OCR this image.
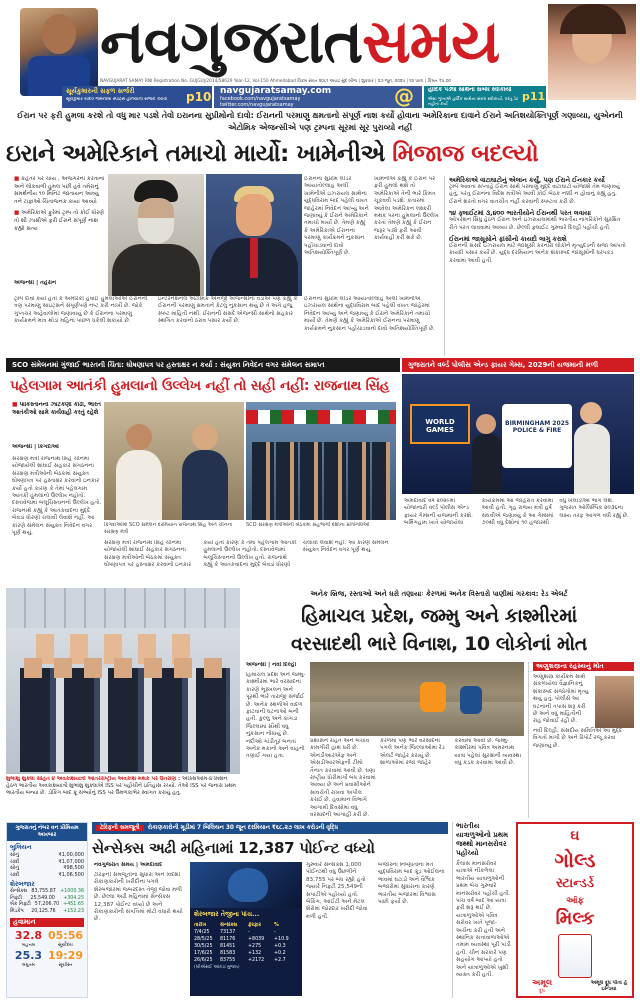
નવગુજરાતસમય
NAVGUJARAT SAMAY RNI Registration No. GUJGUJ/2014/58629 Year-12, Vol-150 Ahmedabad વિક્રમ સંવત ૨૦૮૧ અષાઢ સુદ બીજ | શુક્રવાર | ૨૭ જૂન, ૨૦૨૫ | ૧૨ પાના | કિંમત ₹૫.૦૦
સૂર્યકુમારની સફળ સર્જરી
સૂર્યકુમાર યાદવે જર્મનીમાં સ્પોર્ટ્સ હર્નિયાની સર્જરી કરાવી	p10 navgujaratsamay.com
facebook.com/navgujaratsamay
twitter.com/navgujaratsamay	@ હાર્દિક પંડ્યા સાથેના સંબંધ સ્વીકાર્યા
એશા ગુપ્તાએ હાર્દિક સાથેના સંબંધ સ્વીકાર્યા, પરંતુ ડેટ નહોતા કર્યા
p11
ઈરાન પર ફરી હુમલા કરશે તો વધુ માર પડશે તેવો ઇરાનના સુપ્રીમોનો દાવો: ઈરાનની પરમાણુ ક્ષમતાનો સંપૂર્ણ નાશ કર્યો હોવાના અમેરિકાના દાવાને ઈરાને અતિશયોક્તિપૂર્ણ ગણાવ્યા, યુએનની એટોમિક એજન્સીએ પણ ટ્રમ્પના સૂરમાં સૂર પુરાવ્યો નહીં
ઇરાને અમેરિકાને તમાચો માર્યો: ખામેનીએ મિજાજ બદલ્યો
■ કહેતર પર ચાય , અજગરનાં કરતાંના અને લોકવાળી હુમલ પછી હવે તમેરાનું સમર્થનીય ૧૦ મિનિટ જાતાયન આવ્યું તને ટાફાઓ ચિંતાજનક કાયા આવ્યો
■ અમેરિકાએ ફુરેમાં ટ્રમ્પ તો કોઈ ધોરણે તો શી ઝાક્ષીએ ફરી ઈરાને સંપૂર્ણ નાશ કહ્યો સત્ય
એજન્સી | તહેરાન
ઈરાનના સુપ્રીમ લીડર આયાતોલ્લાહ અલી ખામેનીએ ઇઝરાયલ સાથેના યુદ્ધવિરામ બાદ પહેલી વખત જાહેરમાં નિવેદન આપ્યું અને જણાવ્યું કે ઈરાને અમેરિકાને તમાચો માર્યો છે. તેમણે કહ્યું કે અમેરિકાએ ઈરાનના પરમાણુ કાર્યક્રમને નુકસાન પહોંચાડવાનો દાવો અતિશયોક્તિપૂર્ણ છે.
ખામેનીએ કહ્યું કે ઈરાન પર ફરી હુમલો થશે તો અમેરિકાએ તેની ભારે કિંમત ચૂકવવી પડશે. કતારમાં આવેલા અમેરિકન લશ્કરી મથક પરના હુમલાનો ઉલ્લેખ કરતાં તેમણે કહ્યું કે ઈરાન જરૂર પડ્યે ફરી આવી કાર્યવાહી કરી શકે છે.
ટ્રમ્પે દાવો કર્યો હતો કે અમેરિકી હવાઈ હુમલાઓએ ઈરાનની ત્રણ પરમાણુ સાઇટ્સને સંપૂર્ણપણે નષ્ટ કરી નાખી છે. જોકે ગુપ્તચર અહેવાલોમાં જણાવાયું છે કે ઈરાનના પરમાણુ કાર્યક્રમને માત્ર થોડા મહિના પાછળ ધકેલી શકાયો છે.
ઇન્ટરનેશનલ એટોમિક એનર્જી એજન્સીના વડાએ પણ કહ્યું કે ઈરાનની પરમાણુ ક્ષમતાને કેટલું નુકસાન થયું છે તે અંગે હજુ સ્પષ્ટ માહિતી નથી. ઈરાનની સંસદે એજન્સી સાથેનો સહકાર સ્થગિત કરવાનો ઠરાવ પસાર કર્યો છે.
ઈરાનના સુપ્રીમ લીડર આયાતોલ્લાહ અલી ખામેનીએ ઇઝરાયલ સાથેના યુદ્ધવિરામ બાદ પહેલી વખત જાહેરમાં નિવેદન આપ્યું અને જણાવ્યું કે ઈરાને અમેરિકાને તમાચો માર્યો છે. તેમણે કહ્યું કે અમેરિકાએ ઈરાનના પરમાણુ કાર્યક્રમને નુકસાન પહોંચાડવાનો દાવો અતિશયોક્તિપૂર્ણ છે.
અમેરિકાએ વાટાઘાટોનું એલાન કર્યું, પણ ઈરાને ઈનકાર કર્યો
ટ્રમ્પે આવતા સપ્તાહે ઈરાન સાથે પરમાણુ મુદ્દે વાટાઘાટો યોજાશે તેમ જણાવ્યું હતું, પરંતુ ઈરાનના વિદેશ મંત્રીએ આવી કોઈ બેઠક નક્કી ન હોવાનું કહ્યું હતું. ઈરાને શરતો વગર વાતચીત નહીં કરવાની સ્પષ્ટતા કરી છે.
૧૪ ફ્લાઈટમાં ૩,૪૦૦ ભારતીયોને ઈરાનથી પરત લવાયા
ઓપરેશન સિંધુ હેઠળ ઈરાન અને ઇઝરાયલમાંથી ભારતીય નાગરિકોને સુરક્ષિત રીતે પરત લાવવામાં આવ્યા છે. છેલ્લી ફ્લાઈટ ગુરુવારે દિલ્હી પહોંચી હતી.
ઈરાનમાં જાસૂસોને ફાંસીનો કાયદો લાગુ કરાશે
ઈરાનની સંસદે ઇઝરાયલ માટે જાસૂસી કરનારા લોકોને મૃત્યુદંડની સજા આપતો કાયદો પસાર કર્યો છે. યુદ્ધ દરમિયાન અનેક શંકાસ્પદ જાસૂસોની ધરપકડ કરવામાં આવી હતી.
SCO સંમેલનમાં ગુંજાઈ ભારતની ચિંતા: ઘોષણાપત્ર પર હસ્તાક્ષર ન કર્યા : સંયુક્ત નિવેદન વગર સંમેલન સમાપ્ત	ગુજરાતને વર્લ્ડ પોલીસ એન્ડ ફાયર ગેમ્સ, 2029ની યજમાની મળી
પહેલગામ આતંકી હુમલાનો ઉલ્લેખ નહીં તો સહી નહીં: રાજનાથ સિંહ
■ પાકિસ્તાનની ઝાટકણી કાઢી, ભારત આતંકીઓ સામે કાર્યવાહી કરતું રહેશે
એજન્સી | કિંગદાઓ
સંરક્ષણ મંત્રી રાજનાથ સિંહે ચીનમાં યોજાયેલી શાંઘાઈ સહકાર સંગઠનના સંરક્ષણ મંત્રીઓની બેઠકમાં સંયુક્ત ઘોષણાપત્ર પર હસ્તાક્ષર કરવાનો ઇનકાર કર્યો હતો કારણ કે તેમાં પહેલગામ આતંકી હુમલાનો ઉલ્લેખ નહોતો. દસ્તાવેજમાં બલૂચિસ્તાનનો ઉલ્લેખ હતો. રાજનાથે કહ્યું કે આતંકવાદના મુદ્દે બેવડાં ધોરણો ચલાવી લેવાશે નહીં. આ કારણે સંમેલન સંયુક્ત નિવેદન વગર પૂર્ણ થયું.
કિંગદાઓમાં SCO સંમેલન દરમિયાન રાજનાથ સિંહ અને ચીનના સંરક્ષણ મંત્રી
SCO સંરક્ષણ મંત્રીઓની બેઠકમાં સહભાગી દેશોના પ્રતિનિધિઓ
સંરક્ષણ મંત્રી રાજનાથ સિંહે ચીનમાં યોજાયેલી શાંઘાઈ સહકાર સંગઠનના સંરક્ષણ મંત્રીઓની બેઠકમાં સંયુક્ત ઘોષણાપત્ર પર હસ્તાક્ષર કરવાનો ઇનકાર કર્યો હતો કારણ કે તેમાં પહેલગામ આતંકી હુમલાનો ઉલ્લેખ નહોતો. દસ્તાવેજમાં બલૂચિસ્તાનનો ઉલ્લેખ હતો. રાજનાથે કહ્યું કે આતંકવાદના મુદ્દે બેવડાં ધોરણો ચલાવી લેવાશે નહીં. આ કારણે સંમેલન સંયુક્ત નિવેદન વગર પૂર્ણ થયું.
WORLD GAMES
BIRMINGHAM 2025 POLICE & FIRE
અમદાવાદ વર્ષ ૨૦૨૯માં યોજાનારી વર્લ્ડ પોલીસ એન્ડ ફાયર ગેમ્સની યજમાની કરશે. બર્મિંગહામ ખાતે યોજાયેલા કાર્યક્રમમાં આ જાહેરાત કરવામાં આવી હતી. ગૃહ રાજ્ય મંત્રી હર્ષ સંઘવીએ જણાવ્યું કે આ ગેમ્સમાં ૭૦થી વધુ દેશોના ૧૦ હજારથી વધુ ખેલાડીઓ ભાગ લેશે. ગુજરાત ઓલિમ્પિક ૨૦૩૬ના લક્ષ્ય તરફ આગળ વધી રહ્યું છે.
શુભાંશુ શુક્લા સહિત ૪ અવકાશયાત્રી આંતરરાષ્ટ્રીય અવકાશ મથક પર ઉતરાણ : એક્સિઓમ-૪ મિશન હેઠળ ભારતીય અવકાશયાત્રી શુભાંશુ શુક્લાએ ISS પર પહોંચીને ઇતિહાસ રચ્યો. તેઓ ISS પર જનારા પ્રથમ ભારતીય બન્યા છે. ડોકિંગ બાદ ક્રૂ સભ્યોનું ISS પર ઉમળકાભેર સ્વાગત કરાયું હતું.
અનેક બ્રિજ, રસ્તાઓ અને ઘરો તણાયાઃ કેરળમાં અનેક વિસ્તારો પાણીમાં ગરકાવ: રેડ એલર્ટ
હિમાચલ પ્રદેશ, જમ્મુ અને કાશ્મીરમાં
વરસાદથી ભારે વિનાશ, 10 લોકોનાં મોત
એજન્સી | નવી દિલ્હી
હિમાચલ પ્રદેશ અને જમ્મુ-કાશ્મીરમાં ભારે વરસાદના કારણે ભૂસ્ખલન અને પૂરથી ભારે તારાજી સર્જાઈ છે. અનેક સ્થળોએ વાદળ ફાટવાની ઘટનાઓ બની હતી. કુલ્લુ અને કાંગડા જિલ્લામાં સૌથી વધુ નુકસાન નોંધાયું છે. નદીઓ ગાંડીતૂર બનતાં અનેક મકાનો અને વાહનો તણાઈ ગયા હતા.
પ્રશાસને રાહત અને બચાવ કામગીરી હાથ ધરી છે. એનડીઆરએફ અને એસડીઆરએફની ટીમો તૈનાત કરવામાં આવી છે. ઘણા રાષ્ટ્રીય ધોરીમાર્ગો બંધ કરવામાં આવ્યા છે અને પ્રવાસીઓને સાવચેતી રાખવા અપીલ કરાઈ છે. હવામાન વિભાગે આગામી દિવસોમાં વધુ વરસાદની આગાહી કરી છે.
કેરળમાં પણ ભારે વરસાદના પગલે અનેક જિલ્લાઓમાં રેડ એલર્ટ જાહેર કરાયું છે. શાળાઓમાં રજા જાહેર કરવામાં આવી છે. જમ્મુ-કાશ્મીરમાં પવિત્ર અમરનાથ યાત્રા પહેલાં સુરક્ષાની વ્યવસ્થા વધુ કડક કરવામાં આવી છે.
અણુશસ્ત્રના રહસ્યનું મોત
અણુશસ્ત્ર કાર્યક્રમ સાથે સંકળાયેલા વૈજ્ઞાનિકનું શંકાસ્પદ સંજોગોમાં મૃત્યુ થયું હતું. પોલીસે આ ઘટનાની તપાસ શરૂ કરી છે અને વધુ માહિતીની રાહ જોવાઈ રહી છે.
નવી દિલ્હી, સંસદીય સમિતિએ આ મુદ્દે વિગતો માંગી છે અને રિપોર્ટ રજૂ કરવા જણાવ્યું છે.
ગુજરાતનું નંબર વન પ્રીમિયમ અખબાર
બુલિયન
સોનું	₹1,00,000
ચાંદી	₹1,07,000
સોનું	₹98,500
ચાંદી	₹1,06,500
શેરબજાર
સેન્સેક્સ 83,755.87 +1000.36
નિફ્ટી 25,549.00 +304.25
બેંક નિફ્ટી 57,206.70 +451.65
મિડકેપ 20,125.76 +152.23
હવામાન
32.8
મહત્તમ
05:56
સૂર્યોદય
25.3
લઘુતમ
19:29
સૂર્યાસ્ત
ટેરિફની સમજૂતી રોકાણકારોની મૂડીમાં 7 બિલિયન 30 જૂન દરમિયાન ₹૬૮.૨૭ લાખ કરોડની વૃદ્ધિ
સેન્સેક્સ અઢી મહિનામાં 12,387 પોઈન્ટ વધ્યો
નવગુજરાત સમય | અમદાવાદ
ટેરિફની સમજૂતીના સુધારા અને વિદેશી રોકાણકારોની ખરીદીના પગલે શેરબજારમાં જબરદસ્ત તેજી જોવા મળી છે. છેલ્લા અઢી મહિનામાં સેન્સેક્સ 12,387 પોઈન્ટ વધ્યો છે અને રોકાણકારોની સંપત્તિમાં મોટો વધારો થયો છે.
શેરબજાર તેજીના પાંચ...
તારીખ	સેન્સેક્સ	ફેરફાર	%
7/4/25	73137	-	-
28/5/25	81176	+8039	+10.9
30/5/25	81451	+275	+0.3
17/6/25	81583	+132	+0.2
26/6/25	83755	+2172	+2.7
(બીએસઈ આંકડા મુજબ)
ગુરુવારે સેન્સેક્સ 1,000 પોઈન્ટથી વધુ ઉછળીને 83,755 પર બંધ રહ્યો હતો જ્યારે નિફ્ટી 25,549ની સપાટીએ પહોંચ્યો હતો. બેંકિંગ, આઈટી અને મેટલ શેરોમાં જોરદાર ખરીદી જોવા મળી હતી.
બજારના નિષ્ણાતોના મતે યુદ્ધવિરામ બાદ ક્રૂડ ઓઈલના ભાવમાં ઘટાડો અને વૈશ્વિક બજારોમાં સુધારાના કારણે ભારતીય બજારમાં વિશ્વાસ પાછો ફર્યો છે.
ભારતીય યાત્રાળુઓનો પ્રથમ જથ્થો માનસરોવર પહોંચ્યો
કૈલાસ માનસરોવર યાત્રાએ નીકળેલા ભારતીય યાત્રાળુઓની પ્રથમ બેચ ગુરુવારે માનસરોવર પહોંચી હતી. પાંચ વર્ષ બાદ આ યાત્રા ફરી શરૂ થઈ છે. યાત્રાળુઓએ પવિત્ર સરોવર ખાતે પૂજા-અર્ચના કરી હતી અને સ્થાનિક સત્તાવાળાઓએ તમામ વ્યવસ્થા પૂરી પાડી હતી. ચીન સરકારે પણ સહયોગ આપ્યો હતો અને યાત્રાળુઓએ ખુશી વ્યક્ત કરી હતી.
ઘ
ગોલ્ડ
સ્ટાન્ડર્ડ
ઑફ
મિલ્ક
અમૂલ
દૂધ
અમૂલ દૂધ પીતા હૈ ઇન્ડિયા
